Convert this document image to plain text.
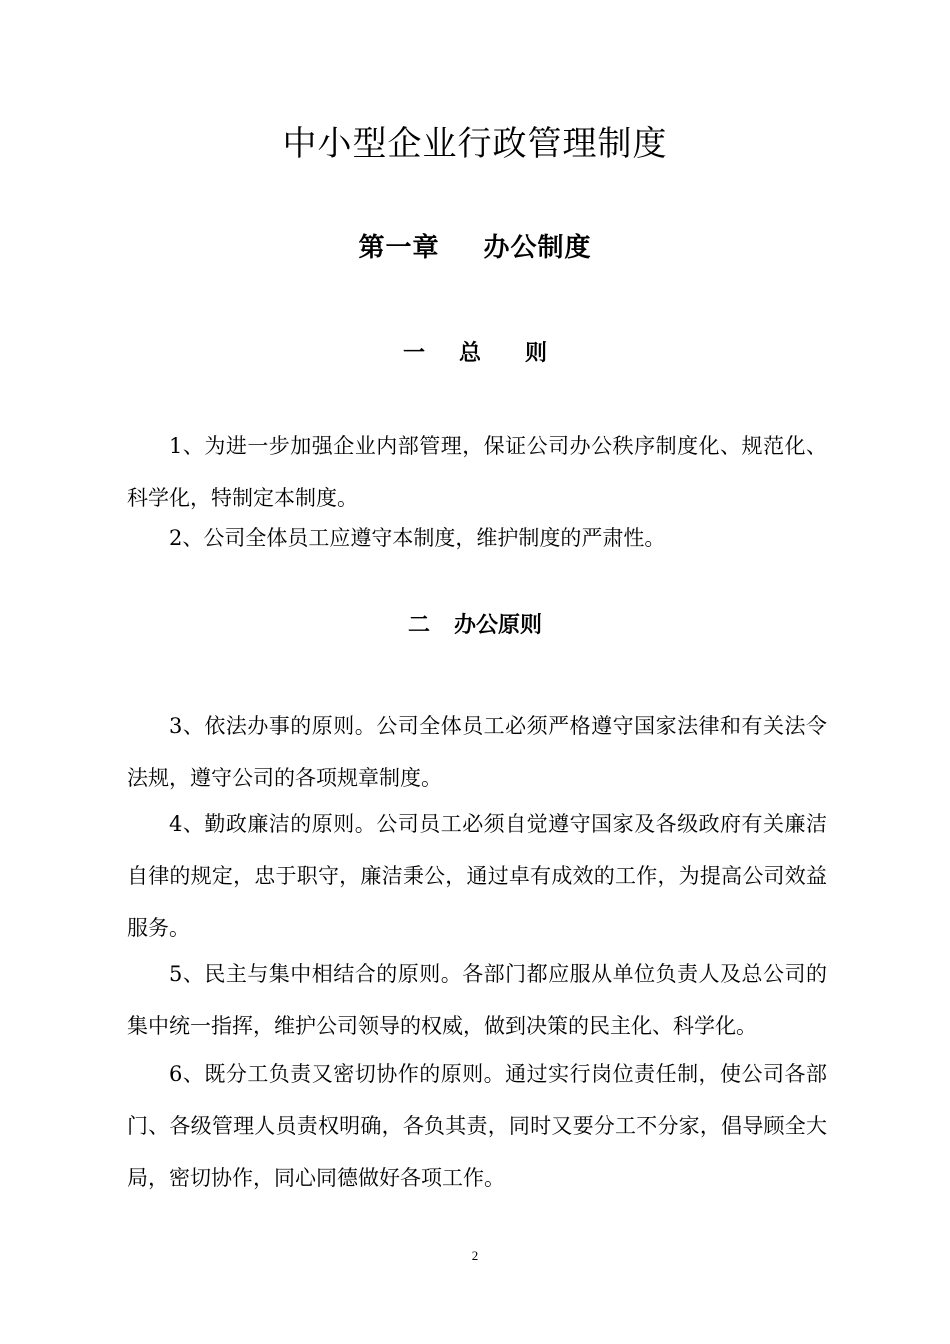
中小型企业行政管理制度
第一章 办公制度
一 总 则

1、为进一步加强企业内部管理，保证公司办公秩序制度化、规范化、科学化，特制定本制度。

2、公司全体员工应遵守本制度，维护制度的严肃性。

二 办公原则

3、依法办事的原则。公司全体员工必须严格遵守国家法律和有关法令法规，遵守公司的各项规章制度。

4、勤政廉洁的原则。公司员工必须自觉遵守国家及各级政府有关廉洁自律的规定，忠于职守，廉洁秉公，通过卓有成效的工作，为提高公司效益服务。

5、民主与集中相结合的原则。各部门都应服从单位负责人及总公司的集中统一指挥，维护公司领导的权威，做到决策的民主化、科学化。

6、既分工负责又密切协作的原则。通过实行岗位责任制，使公司各部门、各级管理人员责权明确，各负其责，同时又要分工不分家，倡导顾全大局，密切协作，同心同德做好各项工作。

2
